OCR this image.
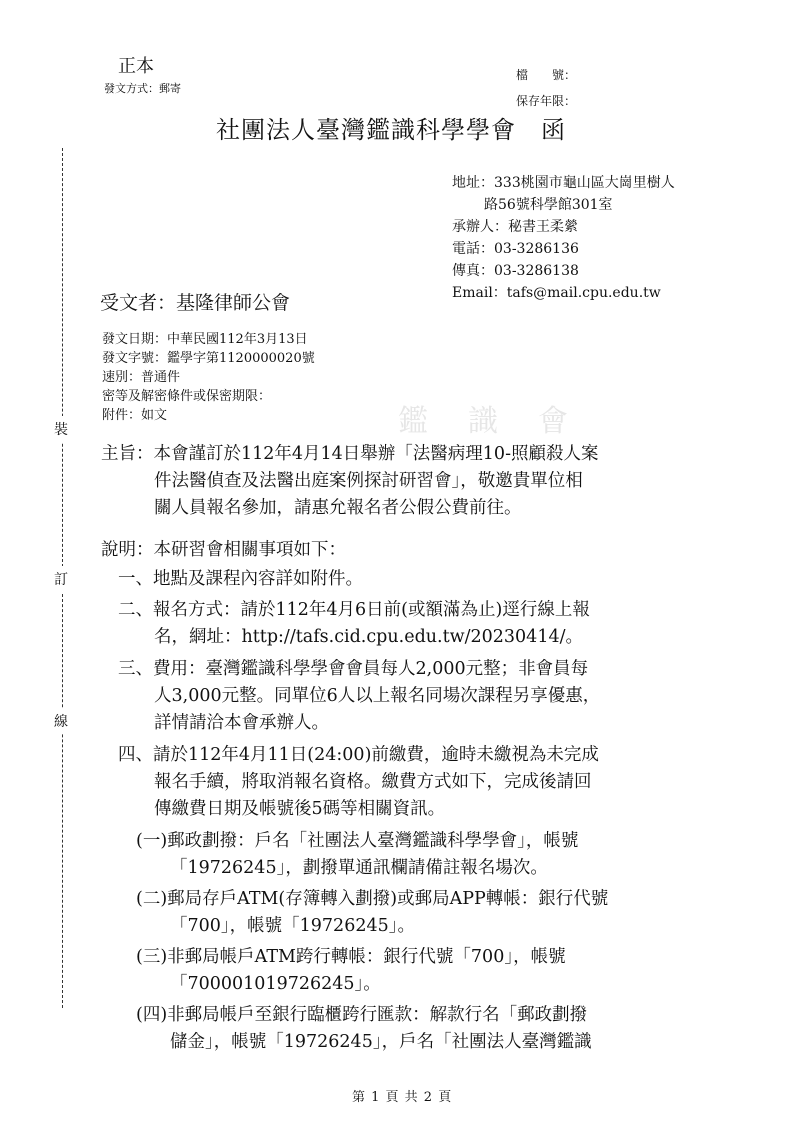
正本
發文方式：郵寄
檔　　號：
保存年限：
社團法人臺灣鑑識科學學會　函
地址：333桃園市龜山區大崗里樹人
路56號科學館301室
承辦人：秘書王柔縈
電話：03-3286136
傳真：03-3286138
Email：tafs@mail.cpu.edu.tw
受文者：基隆律師公會
發文日期：中華民國112年3月13日
發文字號：鑑學字第1120000020號
速別：普通件
密等及解密條件或保密期限：
附件：如文	鑑識會
主旨：本會謹訂於112年4月14日舉辦「法醫病理10-照顧殺人案
件法醫偵查及法醫出庭案例探討研習會」，敬邀貴單位相
關人員報名參加，請惠允報名者公假公費前往。
說明：本研習會相關事項如下：
一、地點及課程內容詳如附件。
二、報名方式：請於112年4月6日前(或額滿為止)逕行線上報
名，網址：http://tafs.cid.cpu.edu.tw/20230414/。
三、費用：臺灣鑑識科學學會會員每人2,000元整；非會員每
人3,000元整。同單位6人以上報名同場次課程另享優惠，
詳情請洽本會承辦人。
四、請於112年4月11日(24:00)前繳費，逾時未繳視為未完成
報名手續，將取消報名資格。繳費方式如下，完成後請回
傳繳費日期及帳號後5碼等相關資訊。
(一)郵政劃撥：戶名「社團法人臺灣鑑識科學學會」，帳號
「19726245」，劃撥單通訊欄請備註報名場次。
(二)郵局存戶ATM(存簿轉入劃撥)或郵局APP轉帳：銀行代號
「700」，帳號「19726245」。
(三)非郵局帳戶ATM跨行轉帳：銀行代號「700」，帳號
「700001019726245」。
(四)非郵局帳戶至銀行臨櫃跨行匯款：解款行名「郵政劃撥
儲金」，帳號「19726245」，戶名「社團法人臺灣鑑識
裝
訂
線
第 1 頁 共 2 頁
